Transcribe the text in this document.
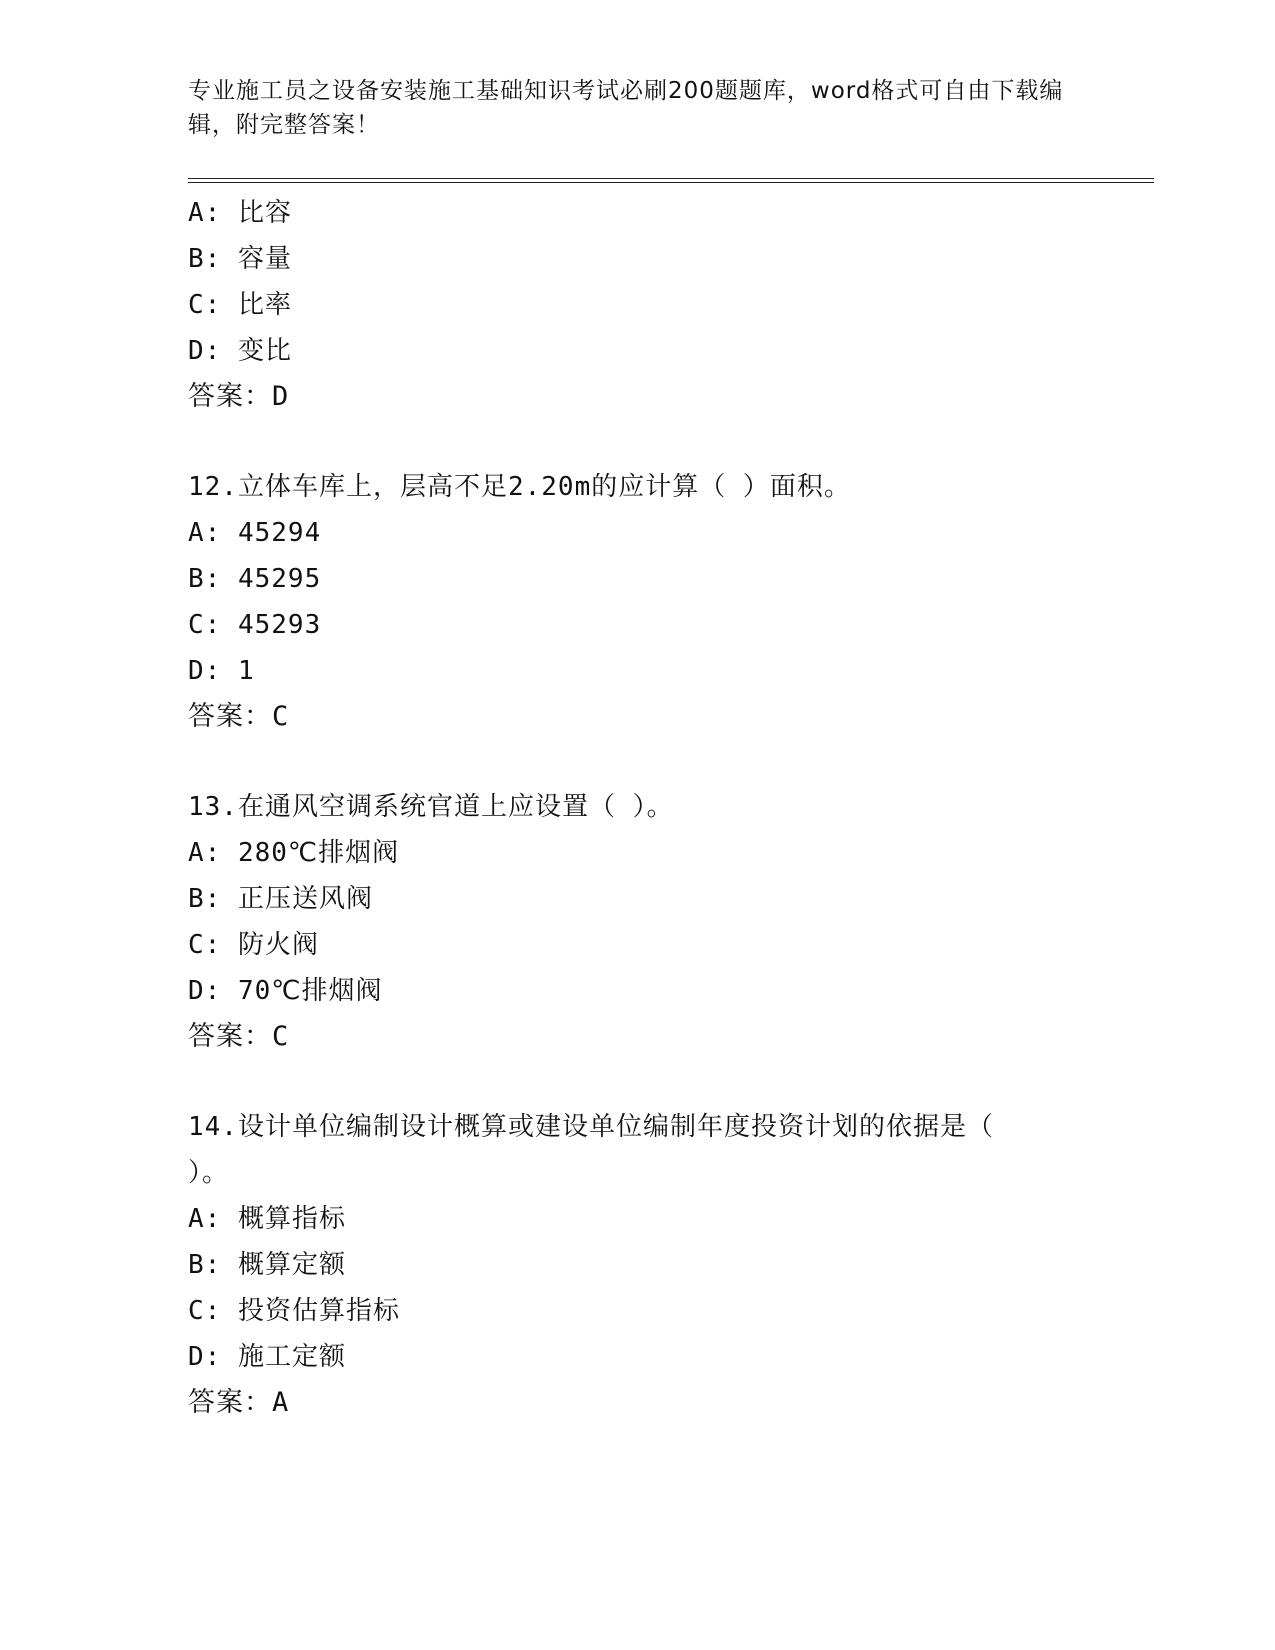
专业施工员之设备安装施工基础知识考试必刷200题题库，word格式可自由下载编辑，附完整答案！
A: 比容
B: 容量
C: 比率
D: 变比
答案：D
12.立体车库上，层高不足2.20m的应计算（ ）面积。
A: 45294
B: 45295
C: 45293
D: 1
答案：C
13.在通风空调系统官道上应设置（ ）。
A: 280℃排烟阀
B: 正压送风阀
C: 防火阀
D: 70℃排烟阀
答案：C
14.设计单位编制设计概算或建设单位编制年度投资计划的依据是（ ）。
A: 概算指标
B: 概算定额
C: 投资估算指标
D: 施工定额
答案：A
